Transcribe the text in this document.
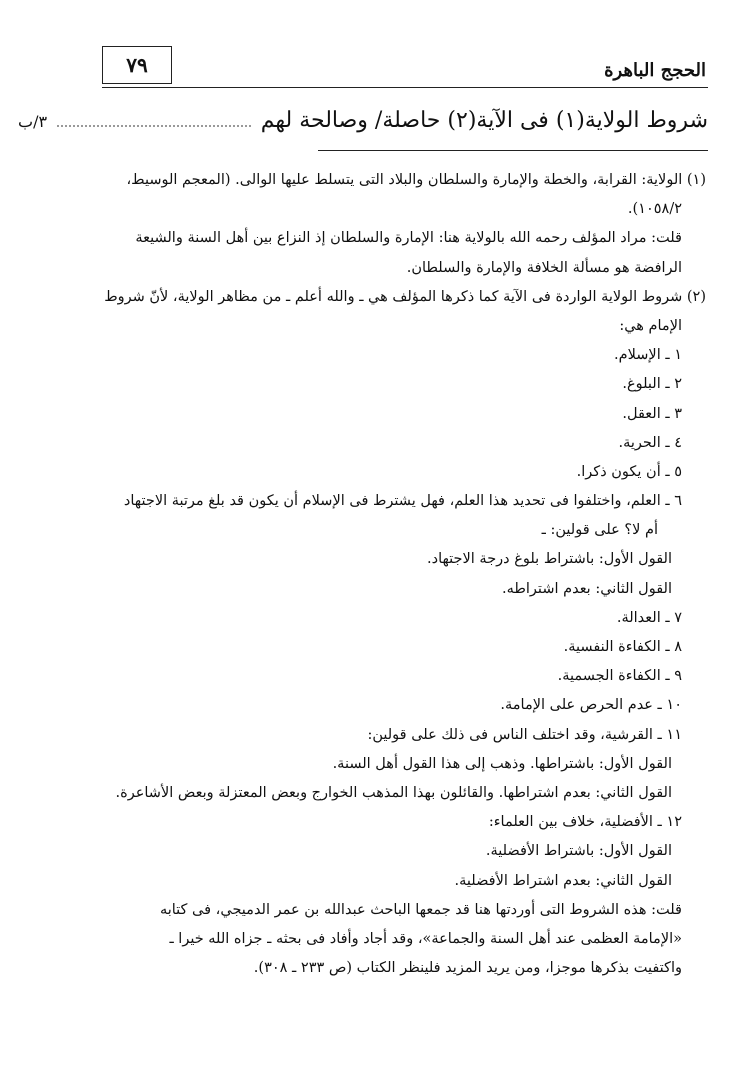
٧٩	الحجج الباهرة
شروط الولاية(١) فى الآية(٢) حاصلة/ وصالحة لهم
٣/ب
(١) الولاية: القرابة، والخطة والإمارة والسلطان والبلاد التى يتسلط عليها الوالى. (المعجم الوسيط،
١٠٥٨/٢).
قلت: مراد المؤلف رحمه الله بالولاية هنا: الإمارة والسلطان إذ النزاع بين أهل السنة والشيعة
الرافضة هو مسألة الخلافة والإمارة والسلطان.
(٢) شروط الولاية الواردة فى الآية كما ذكرها المؤلف هي ـ والله أعلم ـ من مظاهر الولاية، لأنّ شروط
الإمام هي:
١ ـ الإسلام.
٢ ـ البلوغ.
٣ ـ العقل.
٤ ـ الحرية.
٥ ـ أن يكون ذكرا.
٦ ـ العلم، واختلفوا فى تحديد هذا العلم، فهل يشترط فى الإسلام أن يكون قد بلغ مرتبة الاجتهاد
أم لا؟ على قولين: ـ
القول الأول: باشتراط بلوغ درجة الاجتهاد.
القول الثاني: بعدم اشتراطه.
٧ ـ العدالة.
٨ ـ الكفاءة النفسية.
٩ ـ الكفاءة الجسمية.
١٠ ـ عدم الحرص على الإمامة.
١١ ـ القرشية، وقد اختلف الناس فى ذلك على قولين:
القول الأول: باشتراطها. وذهب إلى هذا القول أهل السنة.
القول الثاني: بعدم اشتراطها. والقائلون بهذا المذهب الخوارج وبعض المعتزلة وبعض الأشاعرة.
١٢ ـ الأفضلية، خلاف بين العلماء:
القول الأول: باشتراط الأفضلية.
القول الثاني: بعدم اشتراط الأفضلية.
قلت: هذه الشروط التى أوردتها هنا قد جمعها الباحث عبدالله بن عمر الدميجي، فى كتابه
«الإمامة العظمى عند أهل السنة والجماعة»، وقد أجاد وأفاد فى بحثه ـ جزاه الله خيرا ـ
واكتفيت بذكرها موجزا، ومن يريد المزيد فلينظر الكتاب (ص ٢٣٣ ـ ٣٠٨).
